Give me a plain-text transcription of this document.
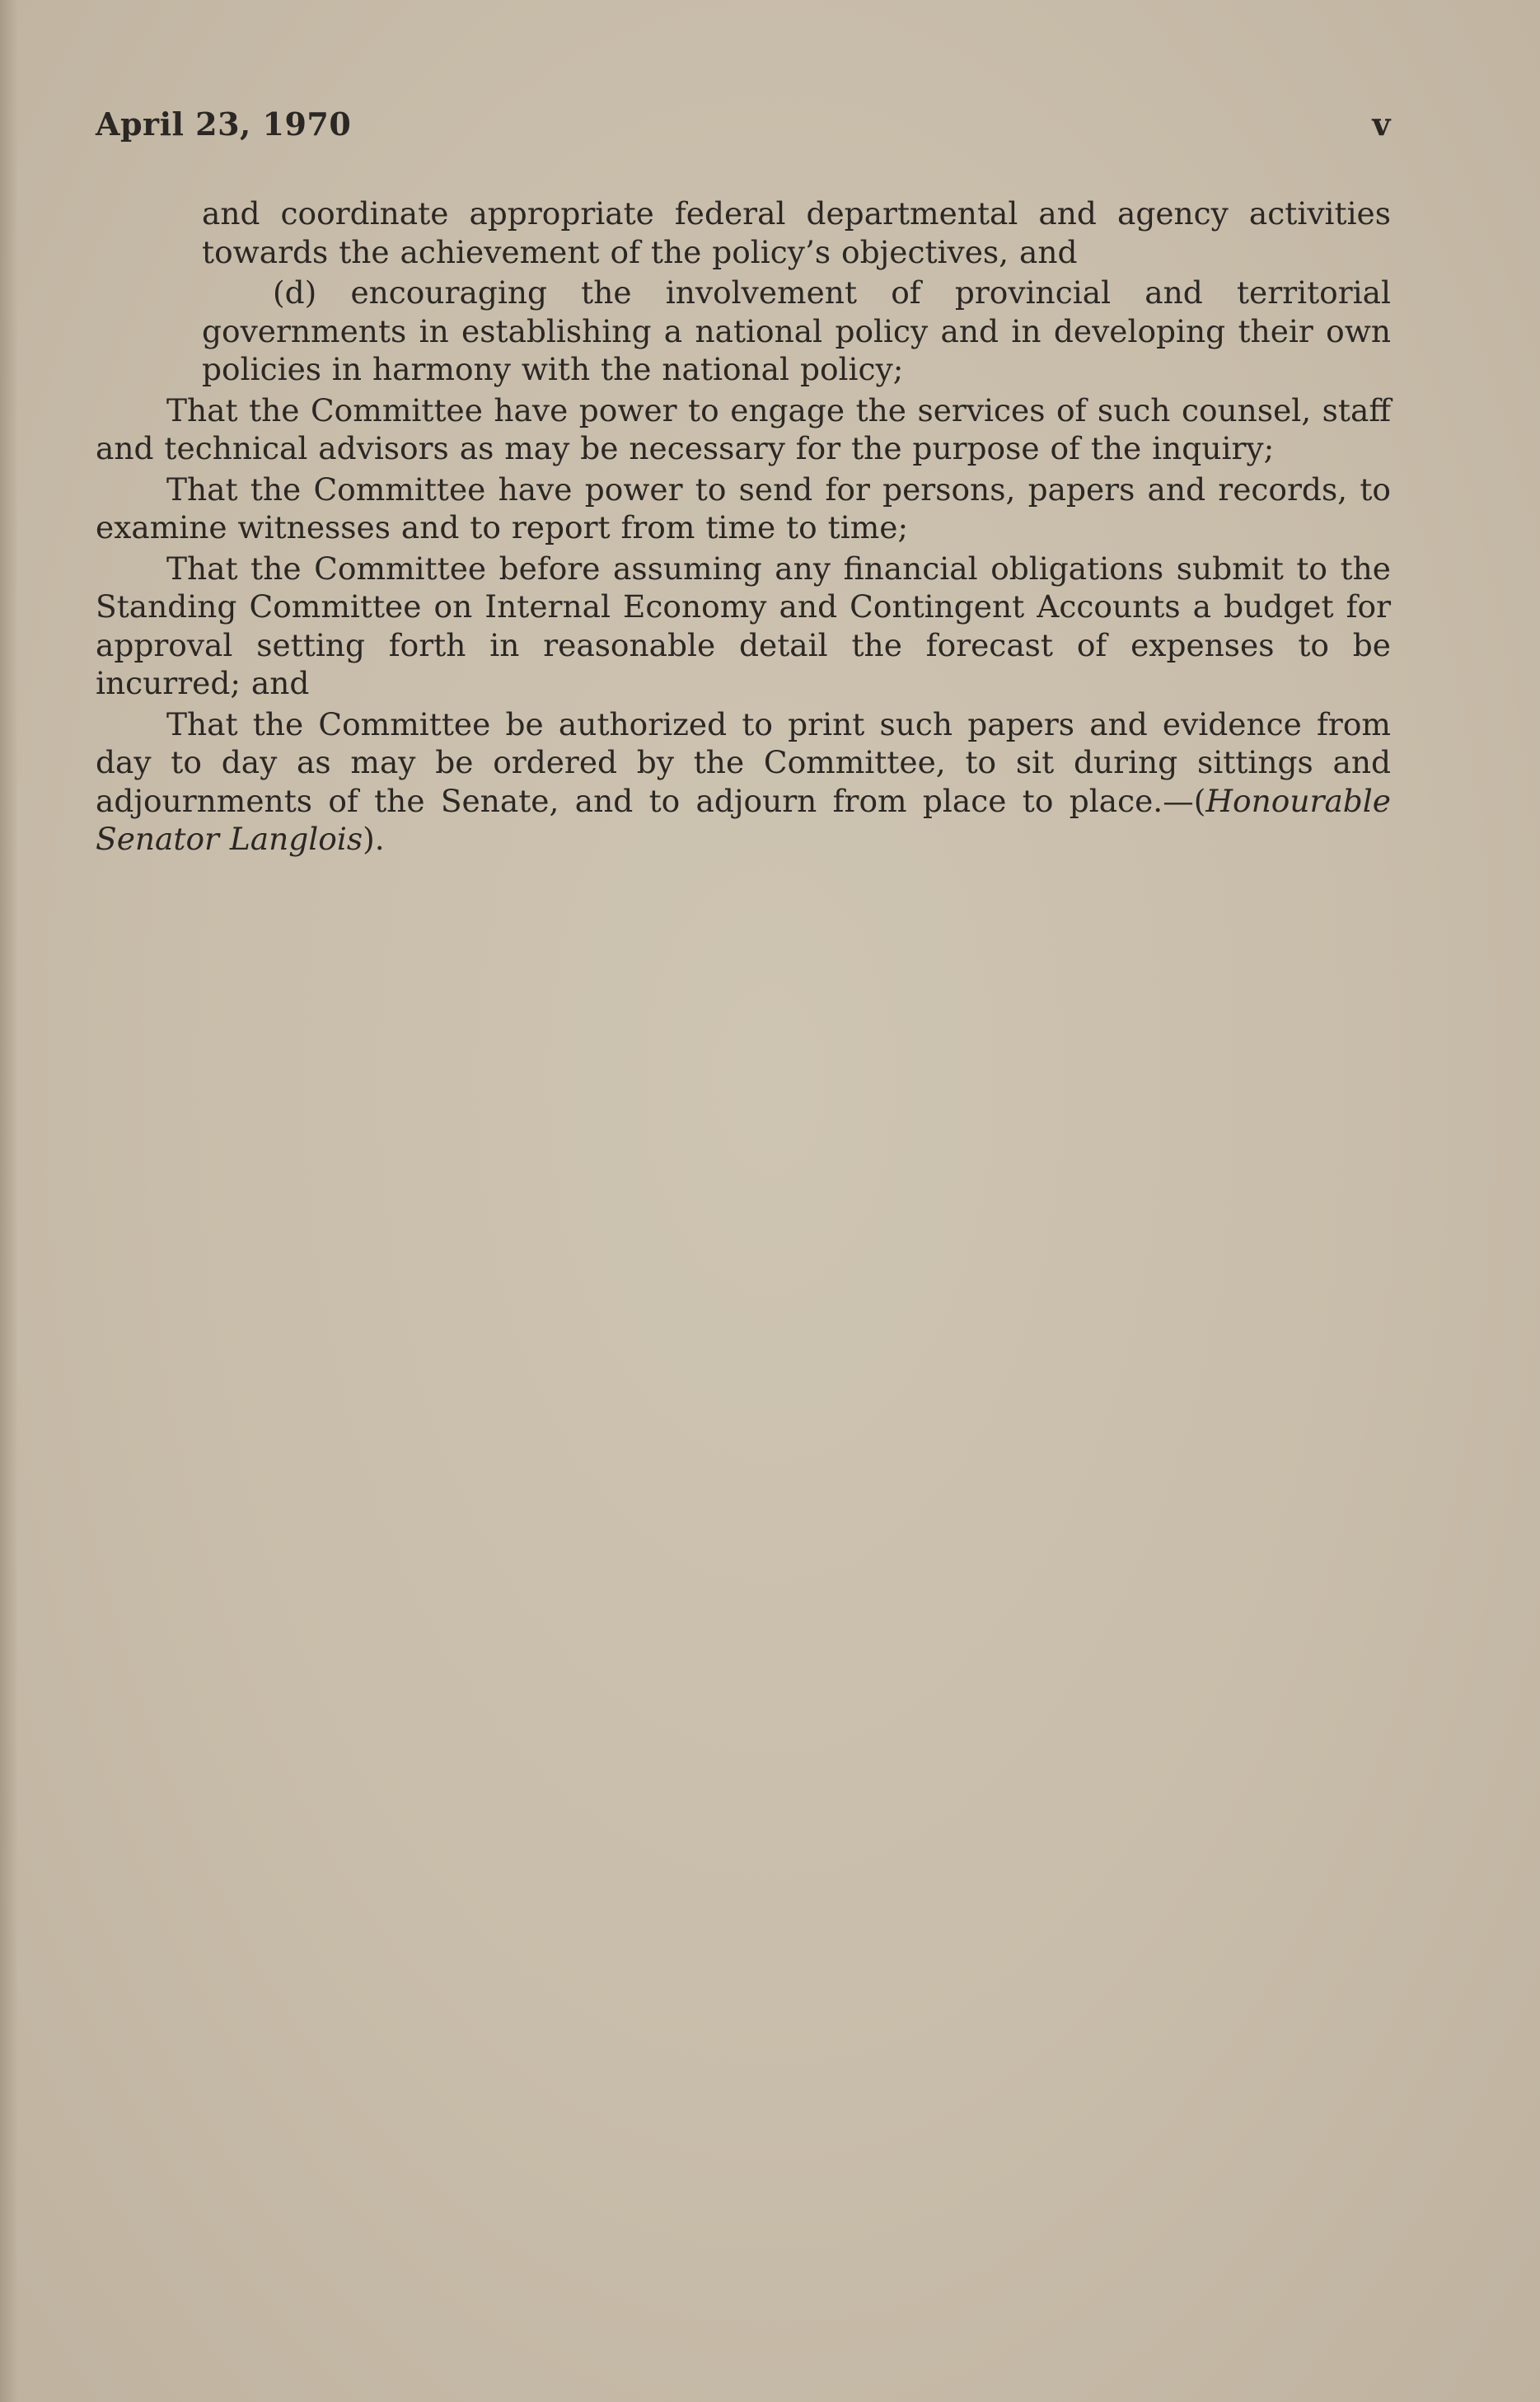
April 23, 1970	v

and coordinate appropriate federal departmental and agency activities towards the achievement of the policy’s objectives, and

(d) encouraging the involvement of provincial and territorial governments in establishing a national policy and in developing their own policies in harmony with the national policy;

That the Committee have power to engage the services of such counsel, staff and technical advisors as may be necessary for the purpose of the inquiry;

That the Committee have power to send for persons, papers and records, to examine witnesses and to report from time to time;

That the Committee before assuming any financial obligations submit to the Standing Committee on Internal Economy and Contingent Accounts a budget for approval setting forth in reasonable detail the forecast of expenses to be incurred; and

That the Committee be authorized to print such papers and evidence from day to day as may be ordered by the Committee, to sit during sittings and adjournments of the Senate, and to adjourn from place to place.—(Honourable Senator Langlois).
